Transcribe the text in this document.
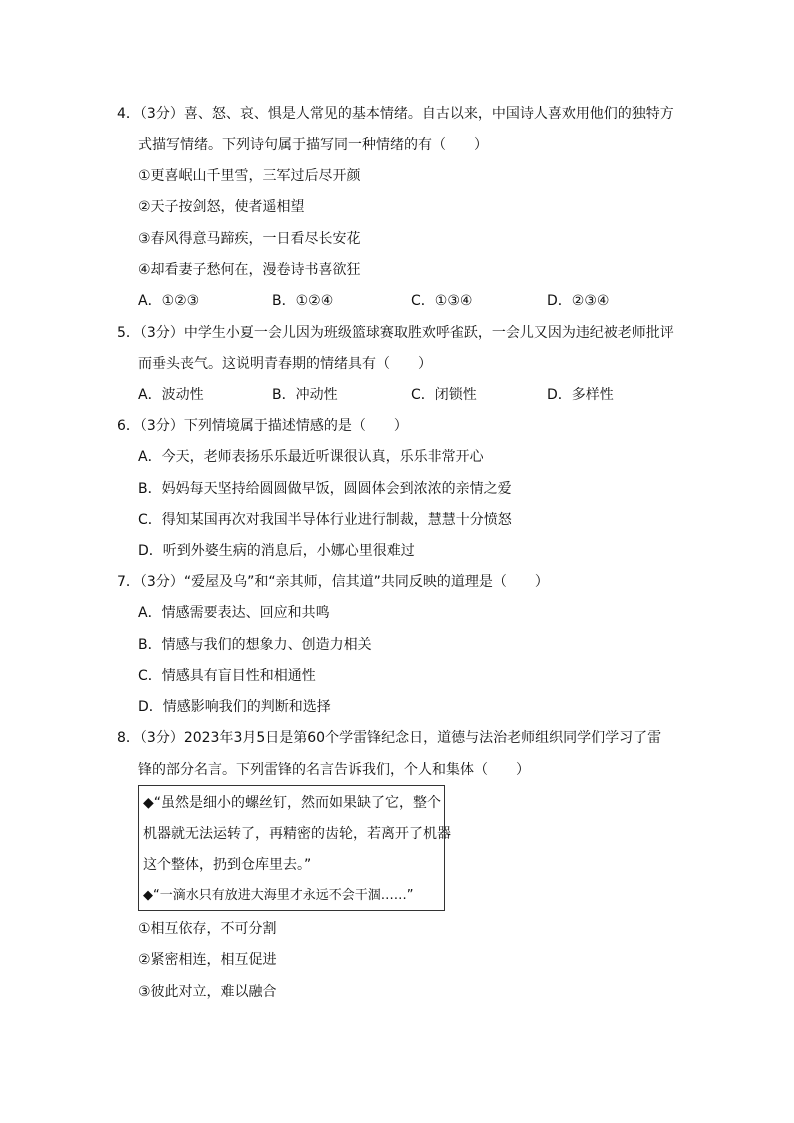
4．（3分）喜、怒、哀、惧是人常见的基本情绪。自古以来，中国诗人喜欢用他们的独特方
式描写情绪。下列诗句属于描写同一种情绪的有（　　）
①更喜岷山千里雪，三军过后尽开颜
②天子按剑怒，使者遥相望
③春风得意马蹄疾，一日看尽长安花
④却看妻子愁何在，漫卷诗书喜欲狂
A．①②③	B．①②④	C．①③④	D．②③④
5．（3分）中学生小夏一会儿因为班级篮球赛取胜欢呼雀跃，一会儿又因为违纪被老师批评
而垂头丧气。这说明青春期的情绪具有（　　）
A．波动性	B．冲动性	C．闭锁性	D．多样性
6．（3分）下列情境属于描述情感的是（　　）
A．今天，老师表扬乐乐最近听课很认真，乐乐非常开心
B．妈妈每天坚持给圆圆做早饭，圆圆体会到浓浓的亲情之爱
C．得知某国再次对我国半导体行业进行制裁，慧慧十分愤怒
D．听到外婆生病的消息后，小娜心里很难过
7．（3分）“爱屋及乌”和“亲其师，信其道”共同反映的道理是（　　）
A．情感需要表达、回应和共鸣
B．情感与我们的想象力、创造力相关
C．情感具有盲目性和相通性
D．情感影响我们的判断和选择
8．（3分）2023年3月5日是第60个学雷锋纪念日，道德与法治老师组织同学们学习了雷
锋的部分名言。下列雷锋的名言告诉我们，个人和集体（　　）
◆“虽然是细小的螺丝钉，然而如果缺了它，整个
机器就无法运转了，再精密的齿轮，若离开了机器
这个整体，扔到仓库里去。”
◆“一滴水只有放进大海里才永远不会干涸……”
①相互依存，不可分割
②紧密相连，相互促进
③彼此对立，难以融合
